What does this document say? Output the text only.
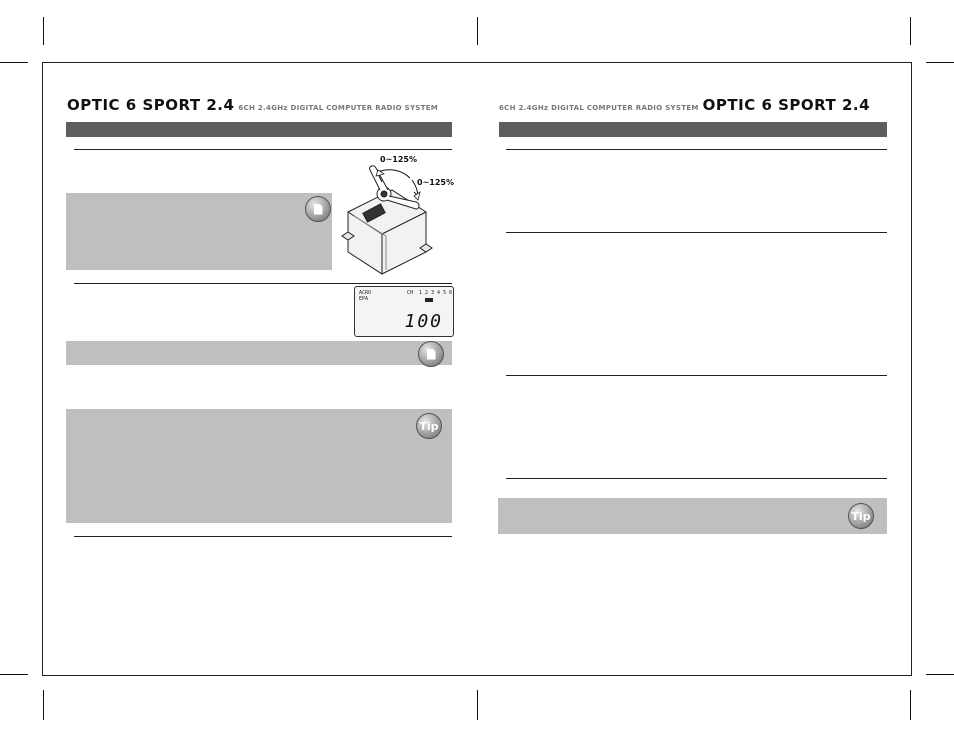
OPTIC 6 SPORT 2.4 6CH 2.4GHz DIGITAL COMPUTER RADIO SYSTEM
0~125%
0~125%
ACRO
EPA
CH 1 2 3 4 5 6
100
Tip
6CH 2.4GHz DIGITAL COMPUTER RADIO SYSTEM OPTIC 6 SPORT 2.4
Tip
